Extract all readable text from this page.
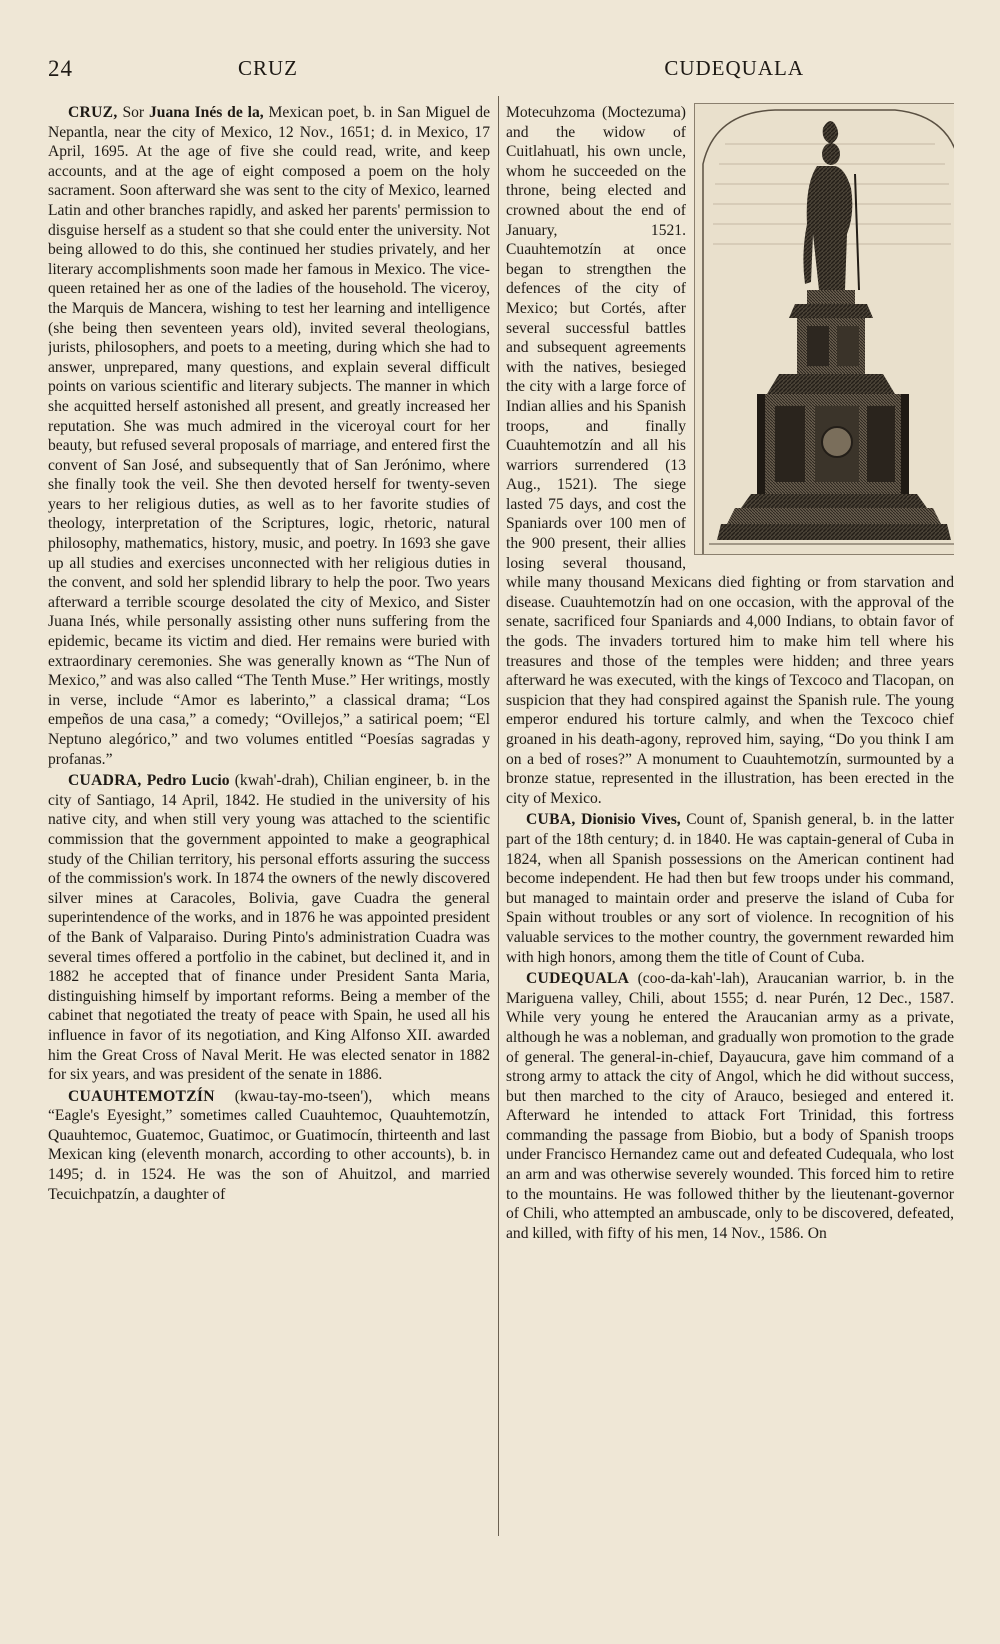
24	CRUZ	CUDEQUALA

CRUZ, Sor Juana Inés de la, Mexican poet, b. in San Miguel de Nepantla, near the city of Mexico, 12 Nov., 1651; d. in Mexico, 17 April, 1695. At the age of five she could read, write, and keep accounts, and at the age of eight composed a poem on the holy sacrament. Soon afterward she was sent to the city of Mexico, learned Latin and other branches rapidly, and asked her parents' permission to disguise herself as a student so that she could enter the university. Not being allowed to do this, she continued her studies privately, and her literary accomplishments soon made her famous in Mexico. The vice-queen retained her as one of the ladies of the household. The viceroy, the Marquis de Mancera, wishing to test her learning and intelligence (she being then seventeen years old), invited several theologians, jurists, philosophers, and poets to a meeting, during which she had to answer, unprepared, many questions, and explain several difficult points on various scientific and literary subjects. The manner in which she acquitted herself astonished all present, and greatly increased her reputation. She was much admired in the viceroyal court for her beauty, but refused several proposals of marriage, and entered first the convent of San José, and subsequently that of San Jerónimo, where she finally took the veil. She then devoted herself for twenty-seven years to her religious duties, as well as to her favorite studies of theology, interpretation of the Scriptures, logic, rhetoric, natural philosophy, mathematics, history, music, and poetry. In 1693 she gave up all studies and exercises unconnected with her religious duties in the convent, and sold her splendid library to help the poor. Two years afterward a terrible scourge desolated the city of Mexico, and Sister Juana Inés, while personally assisting other nuns suffering from the epidemic, became its victim and died. Her remains were buried with extraordinary ceremonies. She was generally known as “The Nun of Mexico,” and was also called “The Tenth Muse.” Her writings, mostly in verse, include “Amor es laberinto,” a classical drama; “Los empeños de una casa,” a comedy; “Ovillejos,” a satirical poem; “El Neptuno alegórico,” and two volumes entitled “Poesías sagradas y profanas.”

CUADRA, Pedro Lucio (kwah'-drah), Chilian engineer, b. in the city of Santiago, 14 April, 1842. He studied in the university of his native city, and when still very young was attached to the scientific commission that the government appointed to make a geographical study of the Chilian territory, his personal efforts assuring the success of the commission's work. In 1874 the owners of the newly discovered silver mines at Caracoles, Bolivia, gave Cuadra the general superintendence of the works, and in 1876 he was appointed president of the Bank of Valparaiso. During Pinto's administration Cuadra was several times offered a portfolio in the cabinet, but declined it, and in 1882 he accepted that of finance under President Santa Maria, distinguishing himself by important reforms. Being a member of the cabinet that negotiated the treaty of peace with Spain, he used all his influence in favor of its negotiation, and King Alfonso XII. awarded him the Great Cross of Naval Merit. He was elected senator in 1882 for six years, and was president of the senate in 1886.

CUAUHTEMOTZÍN (kwau-tay-mo-tseen'), which means “Eagle's Eyesight,” sometimes called Cuauhtemoc, Quauhtemotzín, Quauhtemoc, Guatemoc, Guatimoc, or Guatimocín, thirteenth and last Mexican king (eleventh monarch, according to other accounts), b. in 1495; d. in 1524. He was the son of Ahuitzol, and married Tecuichpatzín, a daughter of

Motecuhzoma (Moctezuma) and the widow of Cuitlahuatl, his own uncle, whom he succeeded on the throne, being elected and crowned about the end of January, 1521. Cuauhtemotzín at once began to strengthen the defences of the city of Mexico; but Cortés, after several successful battles and subsequent agreements with the natives, besieged the city with a large force of Indian allies and his Spanish troops, and finally Cuauhtemotzín and all his warriors surrendered (13 Aug., 1521). The siege lasted 75 days, and cost the Spaniards over 100 men of the 900 present, their allies losing several thousand, while many thousand Mexicans died fighting or from starvation and disease. Cuauhtemotzín had on one occasion, with the approval of the senate, sacrificed four Spaniards and 4,000 Indians, to obtain favor of the gods. The invaders tortured him to make him tell where his treasures and those of the temples were hidden; and three years afterward he was executed, with the kings of Texcoco and Tlacopan, on suspicion that they had conspired against the Spanish rule. The young emperor endured his torture calmly, and when the Texcoco chief groaned in his death-agony, reproved him, saying, “Do you think I am on a bed of roses?” A monument to Cuauhtemotzín, surmounted by a bronze statue, represented in the illustration, has been erected in the city of Mexico.

CUBA, Dionisio Vives, Count of, Spanish general, b. in the latter part of the 18th century; d. in 1840. He was captain-general of Cuba in 1824, when all Spanish possessions on the American continent had become independent. He had then but few troops under his command, but managed to maintain order and preserve the island of Cuba for Spain without troubles or any sort of violence. In recognition of his valuable services to the mother country, the government rewarded him with high honors, among them the title of Count of Cuba.

CUDEQUALA (coo-da-kah'-lah), Araucanian warrior, b. in the Mariguena valley, Chili, about 1555; d. near Purén, 12 Dec., 1587. While very young he entered the Araucanian army as a private, although he was a nobleman, and gradually won promotion to the grade of general. The general-in-chief, Dayaucura, gave him command of a strong army to attack the city of Angol, which he did without success, but then marched to the city of Arauco, besieged and entered it. Afterward he intended to attack Fort Trinidad, this fortress commanding the passage from Biobio, but a body of Spanish troops under Francisco Hernandez came out and defeated Cudequala, who lost an arm and was otherwise severely wounded. This forced him to retire to the mountains. He was followed thither by the lieutenant-governor of Chili, who attempted an ambuscade, only to be discovered, defeated, and killed, with fifty of his men, 14 Nov., 1586. On
